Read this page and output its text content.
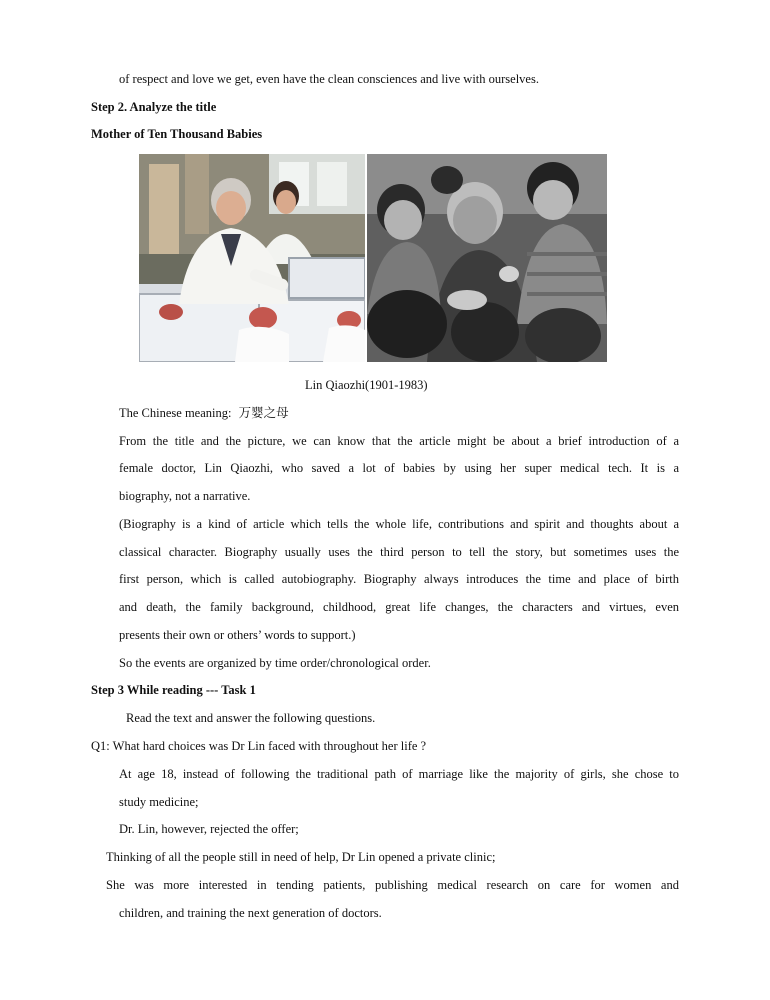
of respect and love we get, even have the clean consciences and live with ourselves.
Step 2. Analyze the title
Mother of Ten Thousand Babies
Lin Qiaozhi(1901-1983)
The Chinese meaning: 万婴之母
From the title and the picture, we can know that the article might be about a brief introduction of a
female doctor, Lin Qiaozhi, who saved a lot of babies by using her super medical tech. It is a
biography, not a narrative.
(Biography is a kind of article which tells the whole life, contributions and spirit and thoughts about a
classical character. Biography usually uses the third person to tell the story, but sometimes uses the
first person, which is called autobiography. Biography always introduces the time and place of birth
and death, the family background, childhood, great life changes, the characters and virtues, even
presents their own or others’ words to support.)
So the events are organized by time order/chronological order.
Step 3 While reading --- Task 1
Read the text and answer the following questions.
Q1: What hard choices was Dr Lin faced with throughout her life ?
At age 18, instead of following the traditional path of marriage like the majority of girls, she chose to
study medicine;
Dr. Lin, however, rejected the offer;
Thinking of all the people still in need of help, Dr Lin opened a private clinic;
She was more interested in tending patients, publishing medical research on care for women and
children, and training the next generation of doctors.
